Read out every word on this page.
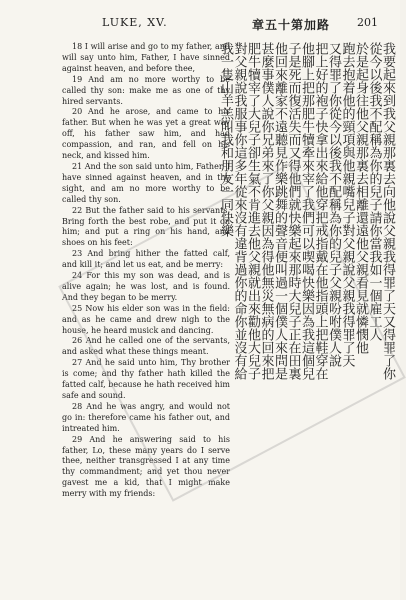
LUKE, XV.	章五十第加路 201

18 I will arise and go to my father, and will say unto him, Father, I have sinned against heaven, and before thee,

19 And am no more worthy to be called thy son: make me as one of thy hired servants.

20 And he arose, and came to his father. But when he was yet a great way off, his father saw him, and had compassion, and ran, and fell on his neck, and kissed him.

21 And the son said unto him, Father, I have sinned against heaven, and in thy sight, and am no more worthy to be called thy son.

22 But the father said to his servants, Bring forth the best robe, and put it on him; and put a ring on his hand, and shoes on his feet:

23 And bring hither the fatted calf, and kill it; and let us eat, and be merry:

24 For this my son was dead, and is alive again; he was lost, and is found. And they began to be merry.

25 Now his elder son was in the field: and as he came and drew nigh to the house, he heard musick and dancing.

26 And he called one of the servants, and asked what these things meant.

27 And he said unto him, Thy brother is come; and thy father hath killed the fatted calf, because he hath received him safe and sound.

28 And he was angry, and would not go in: therefore came his father out, and intreated him.

29 And he answering said to his father, Lo, these many years do I serve thee, neither transgressed I at any time thy commandment; and yet thou never gavest me a kid, that I might make merry with my friends:

我要起來到我父親那裏去向他說父親我得罪了天又得罪了你
從今以後我不配稱為你的兒子請你當我如一個雇工人
於是起身往他父親那裏去相離還遠他父親看見就憐憫他
跑去抱着他的頸項與他親嘴兒子對父親說父親我得罪了天
又得罪了你從今以後我不配稱為你的兒子父親吩咐僕人說
把上好的袍子快拿出來給他穿把戒指戴在他指頭上把鞋穿在
他腳上把那肥牛犢牽來宰了我們可以喫喝快樂因為我這個兒
子是死而復活失而又得他們就快樂起來那時大兒子正在田裏
他回來離家不遠聽見作樂跳舞的聲音便叫過一個僕人來問是
甚麼事僕人說你兄弟來了你父親因為得他無災無病的回來把
肥牛犢宰了大兒子卻生氣不肯進去他父親就出來勸他大兒子
對父親說我服事你這多年從來沒有違背過你的命你並沒有給
我一隻山羊羔叫我和朋友一同快樂
